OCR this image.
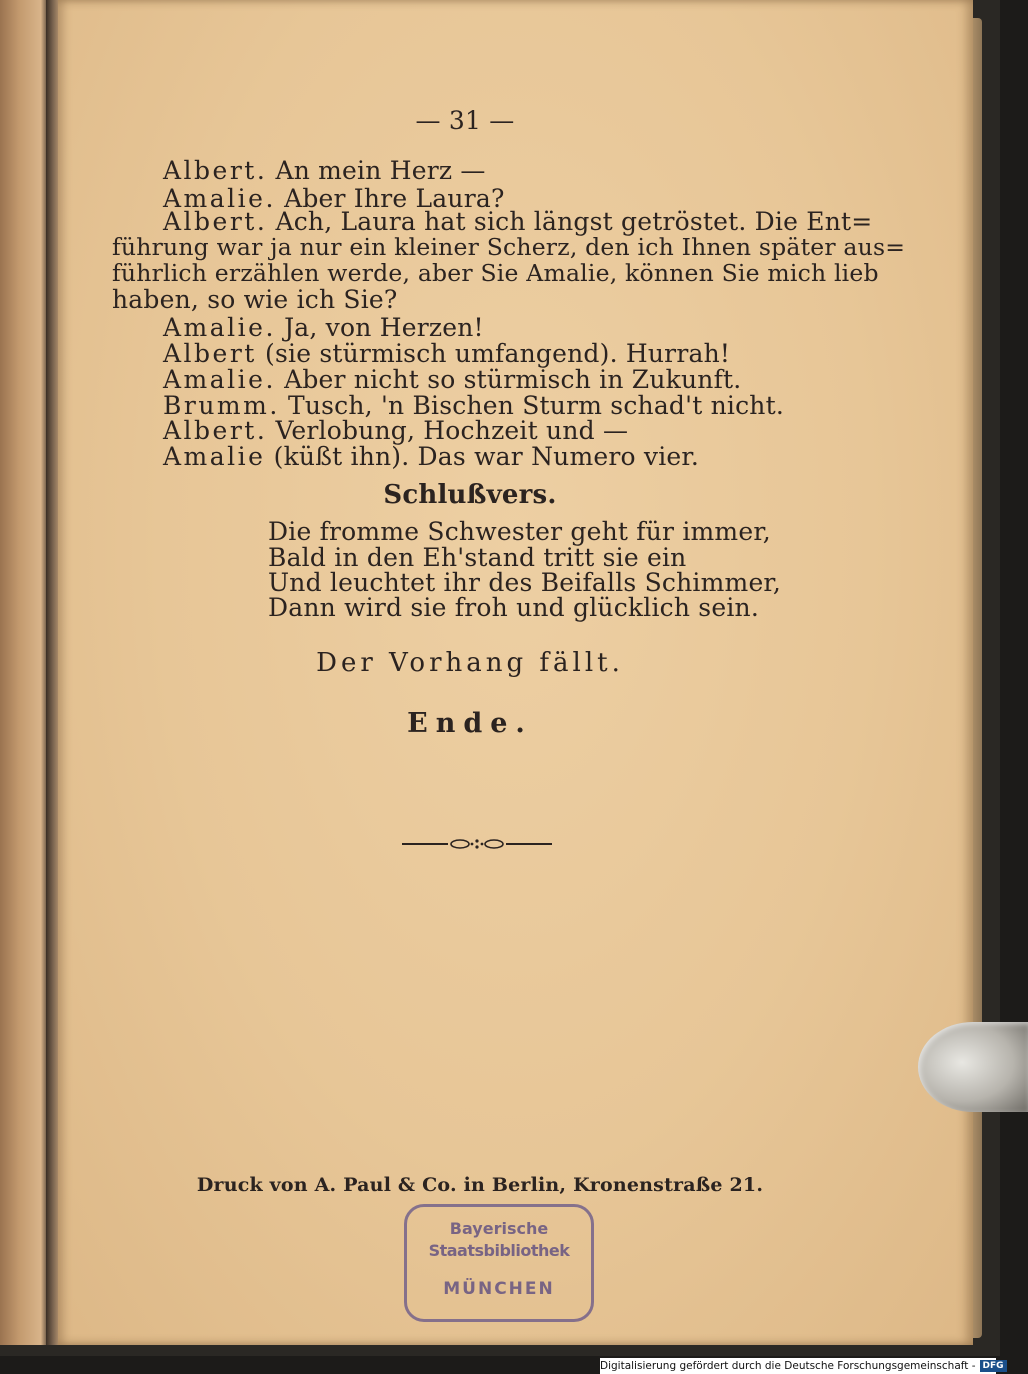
— 31 —
Albert. An mein Herz —
Amalie. Aber Ihre Laura?
Albert. Ach, Laura hat sich längst getröstet. Die Ent=
führung war ja nur ein kleiner Scherz, den ich Ihnen später aus=
führlich erzählen werde, aber Sie Amalie, können Sie mich lieb
haben, so wie ich Sie?
Amalie. Ja, von Herzen!
Albert (sie stürmisch umfangend). Hurrah!
Amalie. Aber nicht so stürmisch in Zukunft.
Brumm. Tusch, 'n Bischen Sturm schad't nicht.
Albert. Verlobung, Hochzeit und —
Amalie (küßt ihn). Das war Numero vier.
Schlußvers.
Die fromme Schwester geht für immer,
Bald in den Eh'stand tritt sie ein
Und leuchtet ihr des Beifalls Schimmer,
Dann wird sie froh und glücklich sein.
Der Vorhang fällt.
Ende.
Druck von A. Paul & Co. in Berlin, Kronenstraße 21.
Bayerische
Staatsbibliothek
MÜNCHEN
Digitalisierung gefördert durch die Deutsche Forschungsgemeinschaft - DFG
